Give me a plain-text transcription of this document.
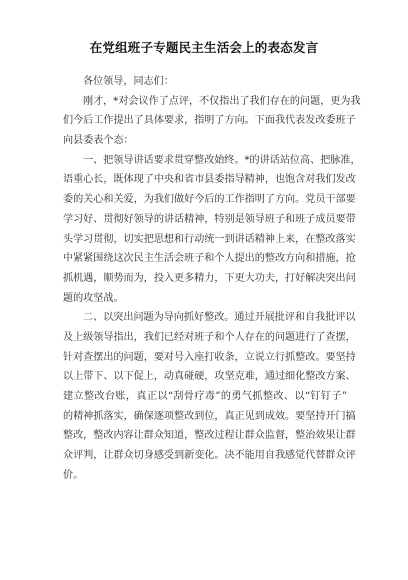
在党组班子专题民主生活会上的表态发言
各位领导，同志们：
刚才，*对会议作了点评，不仅指出了我们存在的问题，更为我
们今后工作提出了具体要求，指明了方向。下面我代表发改委班子
向县委表个态：
一、把领导讲话要求贯穿整改始终。*的讲话站位高、把脉准，
语重心长，既体现了中央和省市县委指导精神，也饱含对我们发改
委的关心和关爱，为我们做好今后的工作指明了方向。党员干部要
学习好、贯彻好领导的讲话精神，特别是领导班子和班子成员要带
头学习贯彻，切实把思想和行动统一到讲话精神上来，在整改落实
中紧紧围绕这次民主生活会班子和个人提出的整改方向和措施，抢
抓机遇，顺势而为，投入更多精力，下更大功夫，打好解决突出问
题的攻坚战。
二、以突出问题为导向抓好整改。通过开展批评和自我批评以
及上级领导指出，我们已经对班子和个人存在的问题进行了查摆，
针对查摆出的问题，要对号入座打收条，立说立行抓整改。要坚持
以上带下、以下促上，动真碰硬，攻坚克难，通过细化整改方案、
建立整改台账，真正以“刮骨疗毒”的勇气抓整改、以“钉钉子”
的精神抓落实，确保逐项整改到位，真正见到成效。要坚持开门搞
整改，整改内容让群众知道，整改过程让群众监督，整治效果让群
众评判，让群众切身感受到新变化。决不能用自我感觉代替群众评
价。
